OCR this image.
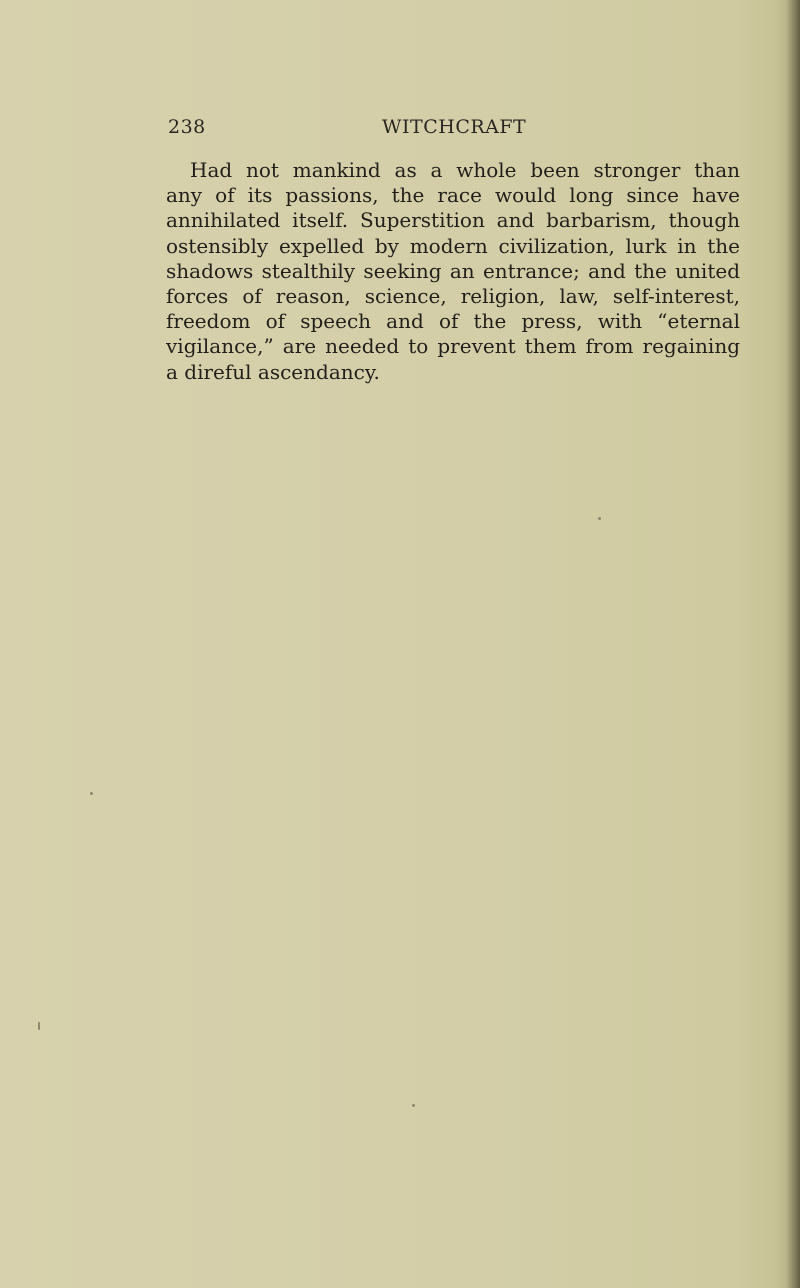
238	WITCHCRAFT

Had not mankind as a whole been stronger than
any of its passions, the race would long since have
annihilated itself. Superstition and barbarism, though
ostensibly expelled by modern civilization, lurk in the
shadows stealthily seeking an entrance; and the united
forces of reason, science, religion, law, self-interest,
freedom of speech and of the press, with “eternal
vigilance,” are needed to prevent them from regaining
a direful ascendancy.
